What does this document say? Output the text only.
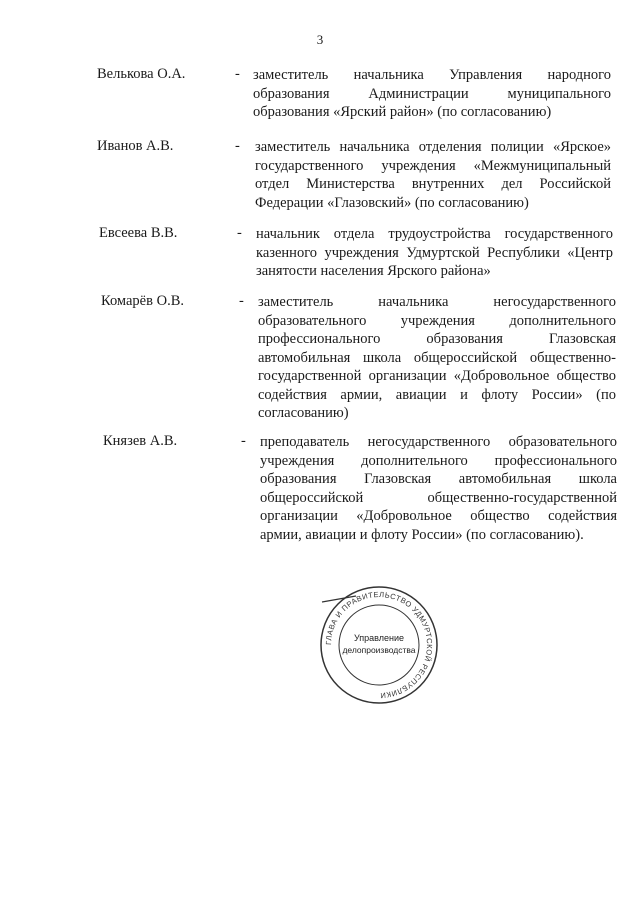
3
Велькова О.А.	- заместитель начальника Управления народного образования Администрации муниципального образования «Ярский район» (по согласованию)
Иванов А.В.	- заместитель начальника отделения полиции «Ярское» государственного учреждения «Межмуниципальный отдел Министерства внутренних дел Российской Федерации «Глазовский» (по согласованию)
Евсеева В.В.	- начальник отдела трудоустройства государственного казенного учреждения Удмуртской Республики «Центр занятости населения Ярского района»
Комарёв О.В.	- заместитель начальника негосударственного образовательного учреждения дополнительного профессионального образования Глазовская автомобильная школа общероссийской общественно-государственной организации «Добровольное общество содействия армии, авиации и флоту России» (по согласованию)
Князев А.В.	- преподаватель негосударственного образовательного учреждения дополнительного профессионального образования Глазовская автомобильная школа общероссийской общественно-государственной организации «Добровольное общество содействия армии, авиации и флоту России» (по согласованию).
ГЛАВА И ПРАВИТЕЛЬСТВО УДМУРТСКОЙ РЕСПУБЛИКИ
Управление
делопроизводства
